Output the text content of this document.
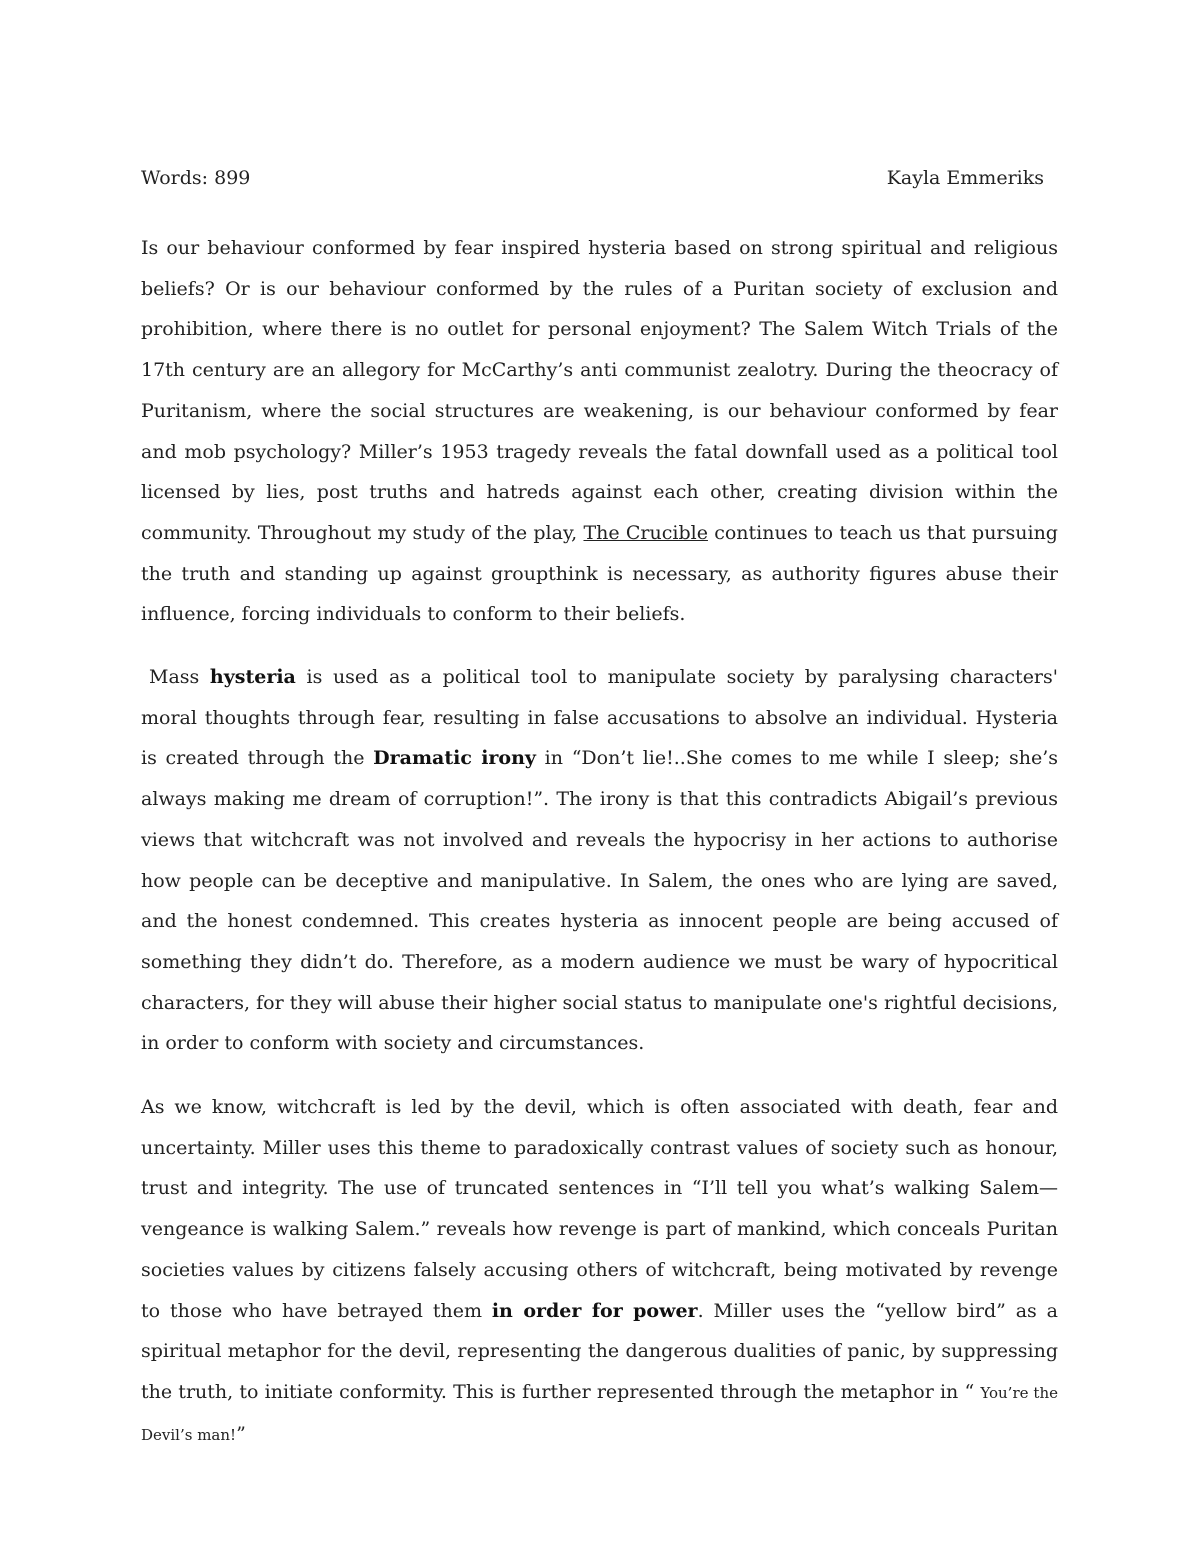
Words: 899	Kayla Emmeriks

Is our behaviour conformed by fear inspired hysteria based on strong spiritual and religious beliefs? Or is our behaviour conformed by the rules of a Puritan society of exclusion and prohibition, where there is no outlet for personal enjoyment? The Salem Witch Trials of the 17th century are an allegory for McCarthy’s anti communist zealotry. During the theocracy of Puritanism, where the social structures are weakening, is our behaviour conformed by fear and mob psychology? Miller’s 1953 tragedy reveals the fatal downfall used as a political tool licensed by lies, post truths and hatreds against each other, creating division within the community. Throughout my study of the play, The Crucible continues to teach us that pursuing the truth and standing up against groupthink is necessary, as authority figures abuse their influence, forcing individuals to conform to their beliefs.

Mass hysteria is used as a political tool to manipulate society by paralysing characters' moral thoughts through fear, resulting in false accusations to absolve an individual. Hysteria is created through the Dramatic irony in “Don’t lie!..She comes to me while I sleep; she’s always making me dream of corruption!”. The irony is that this contradicts Abigail’s previous views that witchcraft was not involved and reveals the hypocrisy in her actions to authorise how people can be deceptive and manipulative. In Salem, the ones who are lying are saved, and the honest condemned. This creates hysteria as innocent people are being accused of something they didn’t do. Therefore, as a modern audience we must be wary of hypocritical characters, for they will abuse their higher social status to manipulate one's rightful decisions, in order to conform with society and circumstances.

As we know, witchcraft is led by the devil, which is often associated with death, fear and uncertainty. Miller uses this theme to paradoxically contrast values of society such as honour, trust and integrity. The use of truncated sentences in “I’ll tell you what’s walking Salem—vengeance is walking Salem.” reveals how revenge is part of mankind, which conceals Puritan societies values by citizens falsely accusing others of witchcraft, being motivated by revenge to those who have betrayed them in order for power. Miller uses the “yellow bird” as a spiritual metaphor for the devil, representing the dangerous dualities of panic, by suppressing the truth, to initiate conformity. This is further represented through the metaphor in “ You’re the Devil’s man!”
